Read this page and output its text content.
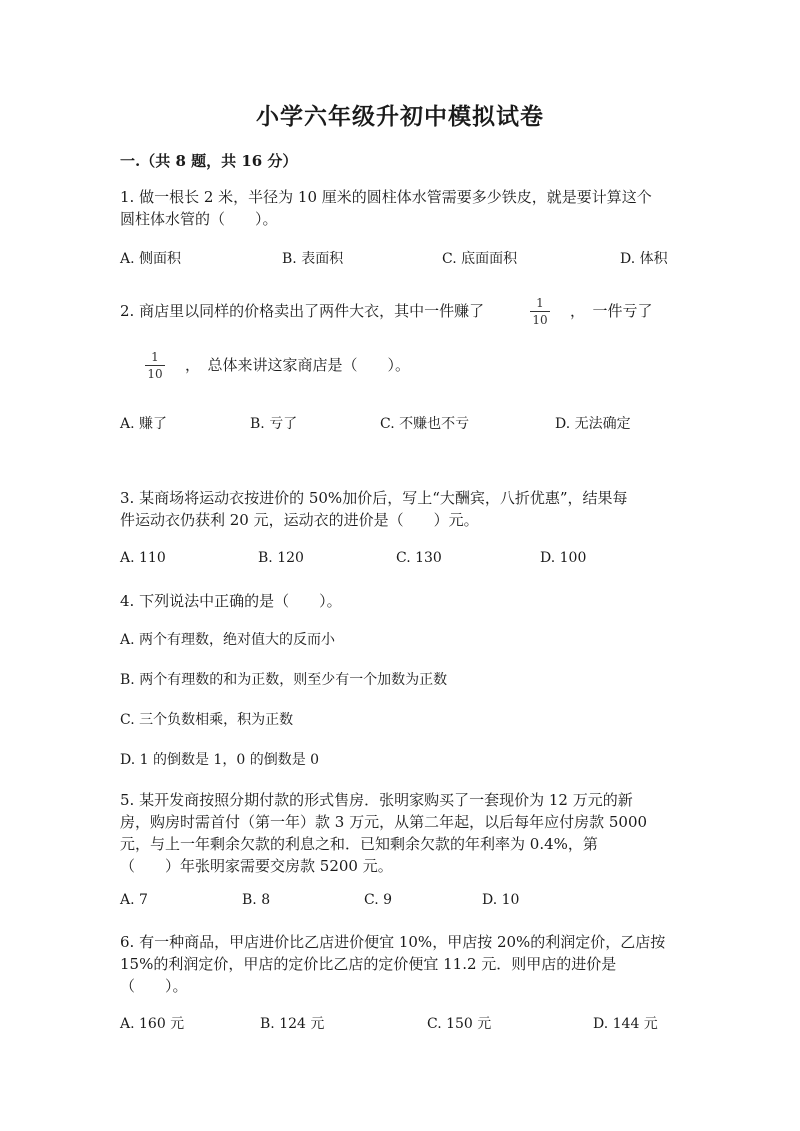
小学六年级升初中模拟试卷
一.（共 8 题，共 16 分）
1. 做一根长 2 米，半径为 10 厘米的圆柱体水管需要多少铁皮，就是要计算这个
圆柱体水管的（　　）。
A. 侧面积	B. 表面积	C. 底面面积	D. 体积
2. 商店里以同样的价格卖出了两件大衣，其中一件赚了	1
10 ，　一件亏了
1
10 ，　总体来讲这家商店是（　　）。
A. 赚了	B. 亏了	C. 不赚也不亏	D. 无法确定
3. 某商场将运动衣按进价的 50%加价后，写上“大酬宾，八折优惠”，结果每
件运动衣仍获利 20 元，运动衣的进价是（　　）元。
A. 110	B. 120	C. 130	D. 100
4. 下列说法中正确的是（　　）。
A. 两个有理数，绝对值大的反而小
B. 两个有理数的和为正数，则至少有一个加数为正数
C. 三个负数相乘，积为正数
D. 1 的倒数是 1，0 的倒数是 0
5. 某开发商按照分期付款的形式售房．张明家购买了一套现价为 12 万元的新
房，购房时需首付（第一年）款 3 万元，从第二年起，以后每年应付房款 5000
元，与上一年剩余欠款的利息之和．已知剩余欠款的年利率为 0.4%，第
（　　）年张明家需要交房款 5200 元。
A. 7	B. 8	C. 9	D. 10
6. 有一种商品，甲店进价比乙店进价便宜 10%，甲店按 20%的利润定价，乙店按
15%的利润定价，甲店的定价比乙店的定价便宜 11.2 元．则甲店的进价是
（　　）。
A. 160 元	B. 124 元	C. 150 元	D. 144 元
